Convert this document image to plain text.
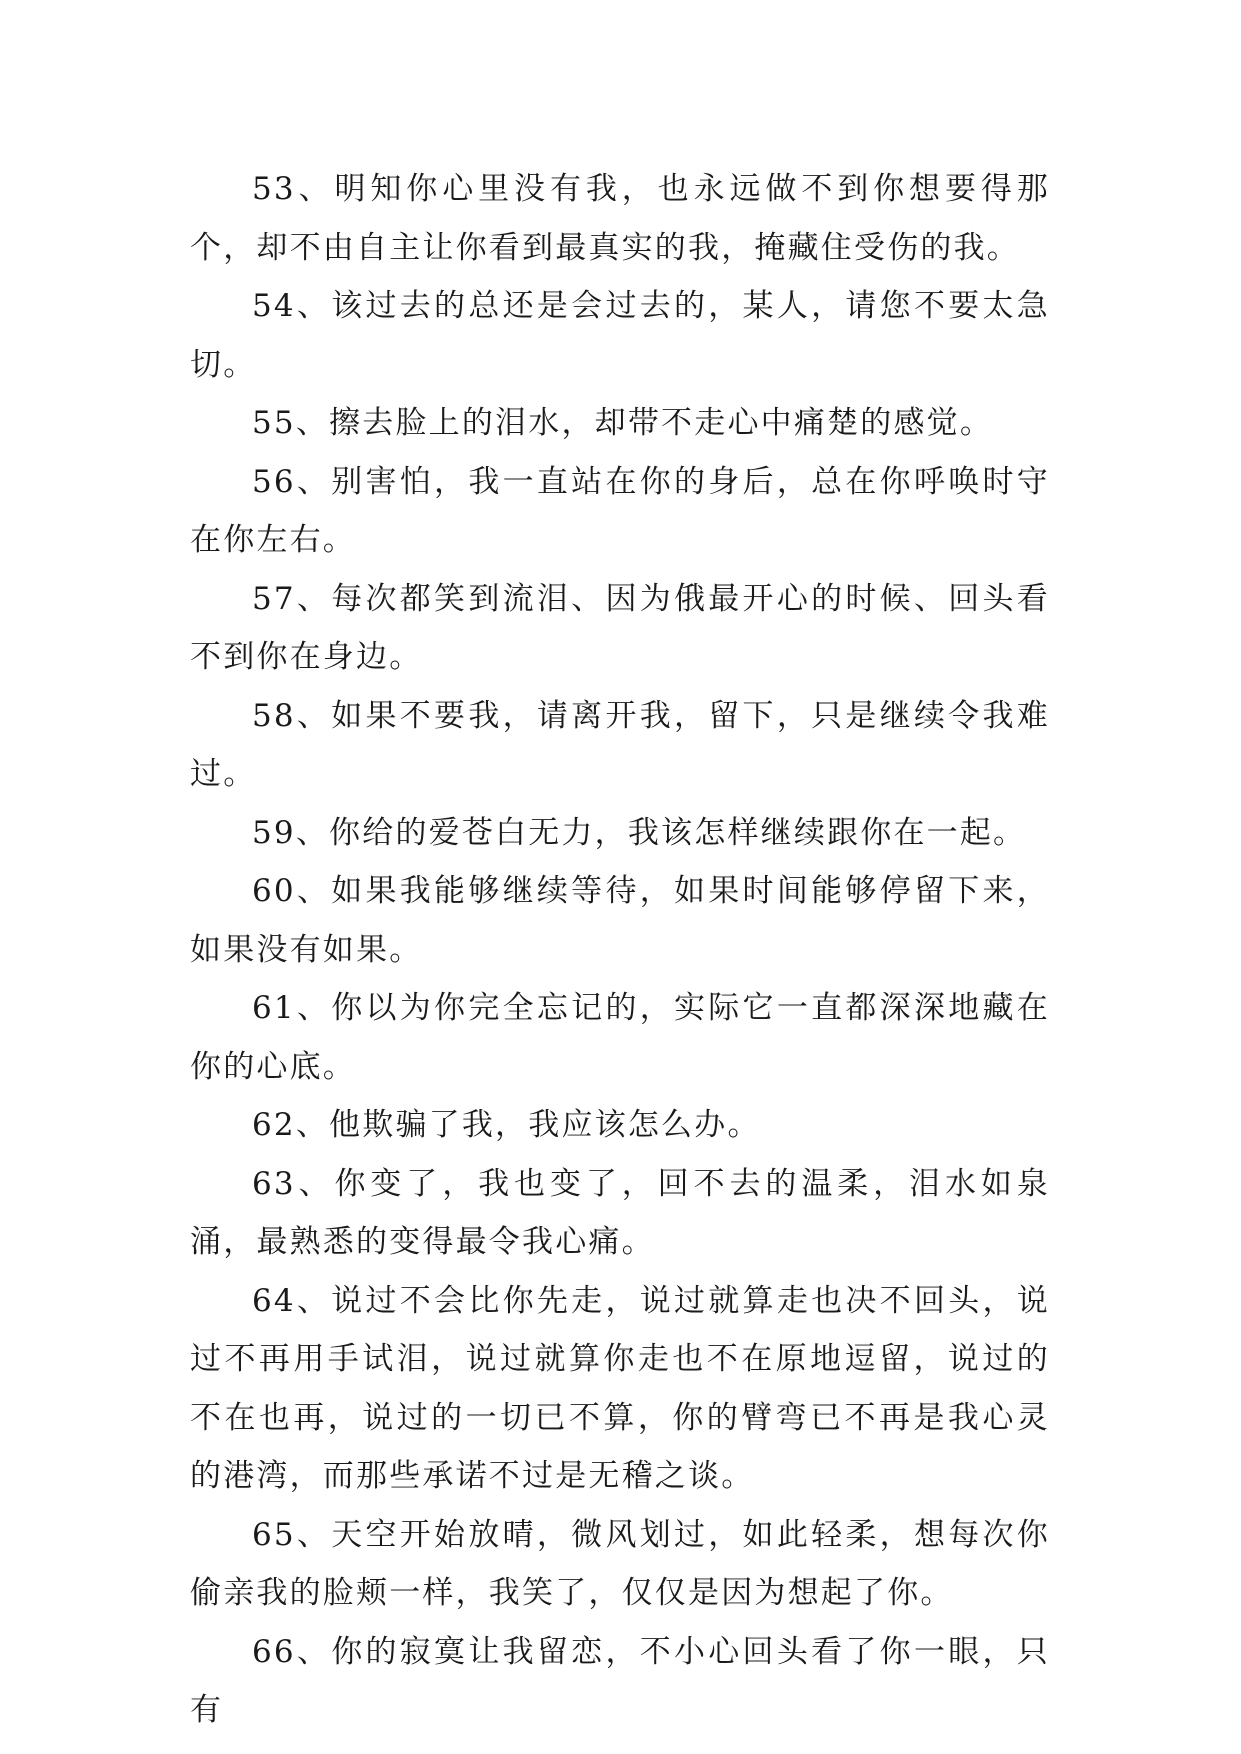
53、明知你心里没有我，也永远做不到你想要得那个，却不由自主让你看到最真实的我，掩藏住受伤的我。

54、该过去的总还是会过去的，某人，请您不要太急切。

55、擦去脸上的泪水，却带不走心中痛楚的感觉。

56、别害怕，我一直站在你的身后，总在你呼唤时守在你左右。

57、每次都笑到流泪、因为俄最开心的时候、回头看不到你在身边。

58、如果不要我，请离开我，留下，只是继续令我难过。

59、你给的爱苍白无力，我该怎样继续跟你在一起。

60、如果我能够继续等待，如果时间能够停留下来，如果没有如果。

61、你以为你完全忘记的，实际它一直都深深地藏在你的心底。

62、他欺骗了我，我应该怎么办。

63、你变了，我也变了，回不去的温柔，泪水如泉涌，最熟悉的变得最令我心痛。

64、说过不会比你先走，说过就算走也决不回头，说过不再用手试泪，说过就算你走也不在原地逗留，说过的不在也再，说过的一切已不算，你的臂弯已不再是我心灵的港湾，而那些承诺不过是无稽之谈。

65、天空开始放晴，微风划过，如此轻柔，想每次你偷亲我的脸颊一样，我笑了，仅仅是因为想起了你。

66、你的寂寞让我留恋，不小心回头看了你一眼，只有
